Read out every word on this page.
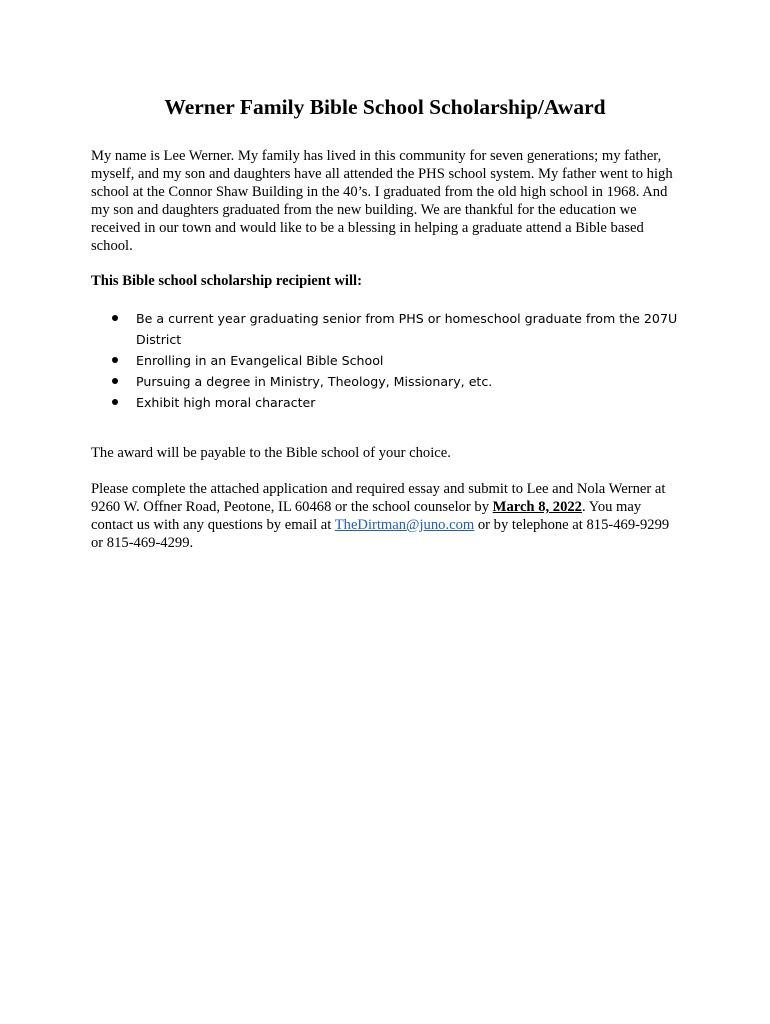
Werner Family Bible School Scholarship/Award

My name is Lee Werner. My family has lived in this community for seven generations; my father, myself, and my son and daughters have all attended the PHS school system. My father went to high school at the Connor Shaw Building in the 40’s. I graduated from the old high school in 1968. And my son and daughters graduated from the new building. We are thankful for the education we received in our town and would like to be a blessing in helping a graduate attend a Bible based school.

This Bible school scholarship recipient will:

Be a current year graduating senior from PHS or homeschool graduate from the 207U District
Enrolling in an Evangelical Bible School
Pursuing a degree in Ministry, Theology, Missionary, etc.
Exhibit high moral character

The award will be payable to the Bible school of your choice.

Please complete the attached application and required essay and submit to Lee and Nola Werner at 9260 W. Offner Road, Peotone, IL 60468 or the school counselor by March 8, 2022. You may contact us with any questions by email at TheDirtman@juno.com or by telephone at 815-469-9299 or 815-469-4299.
